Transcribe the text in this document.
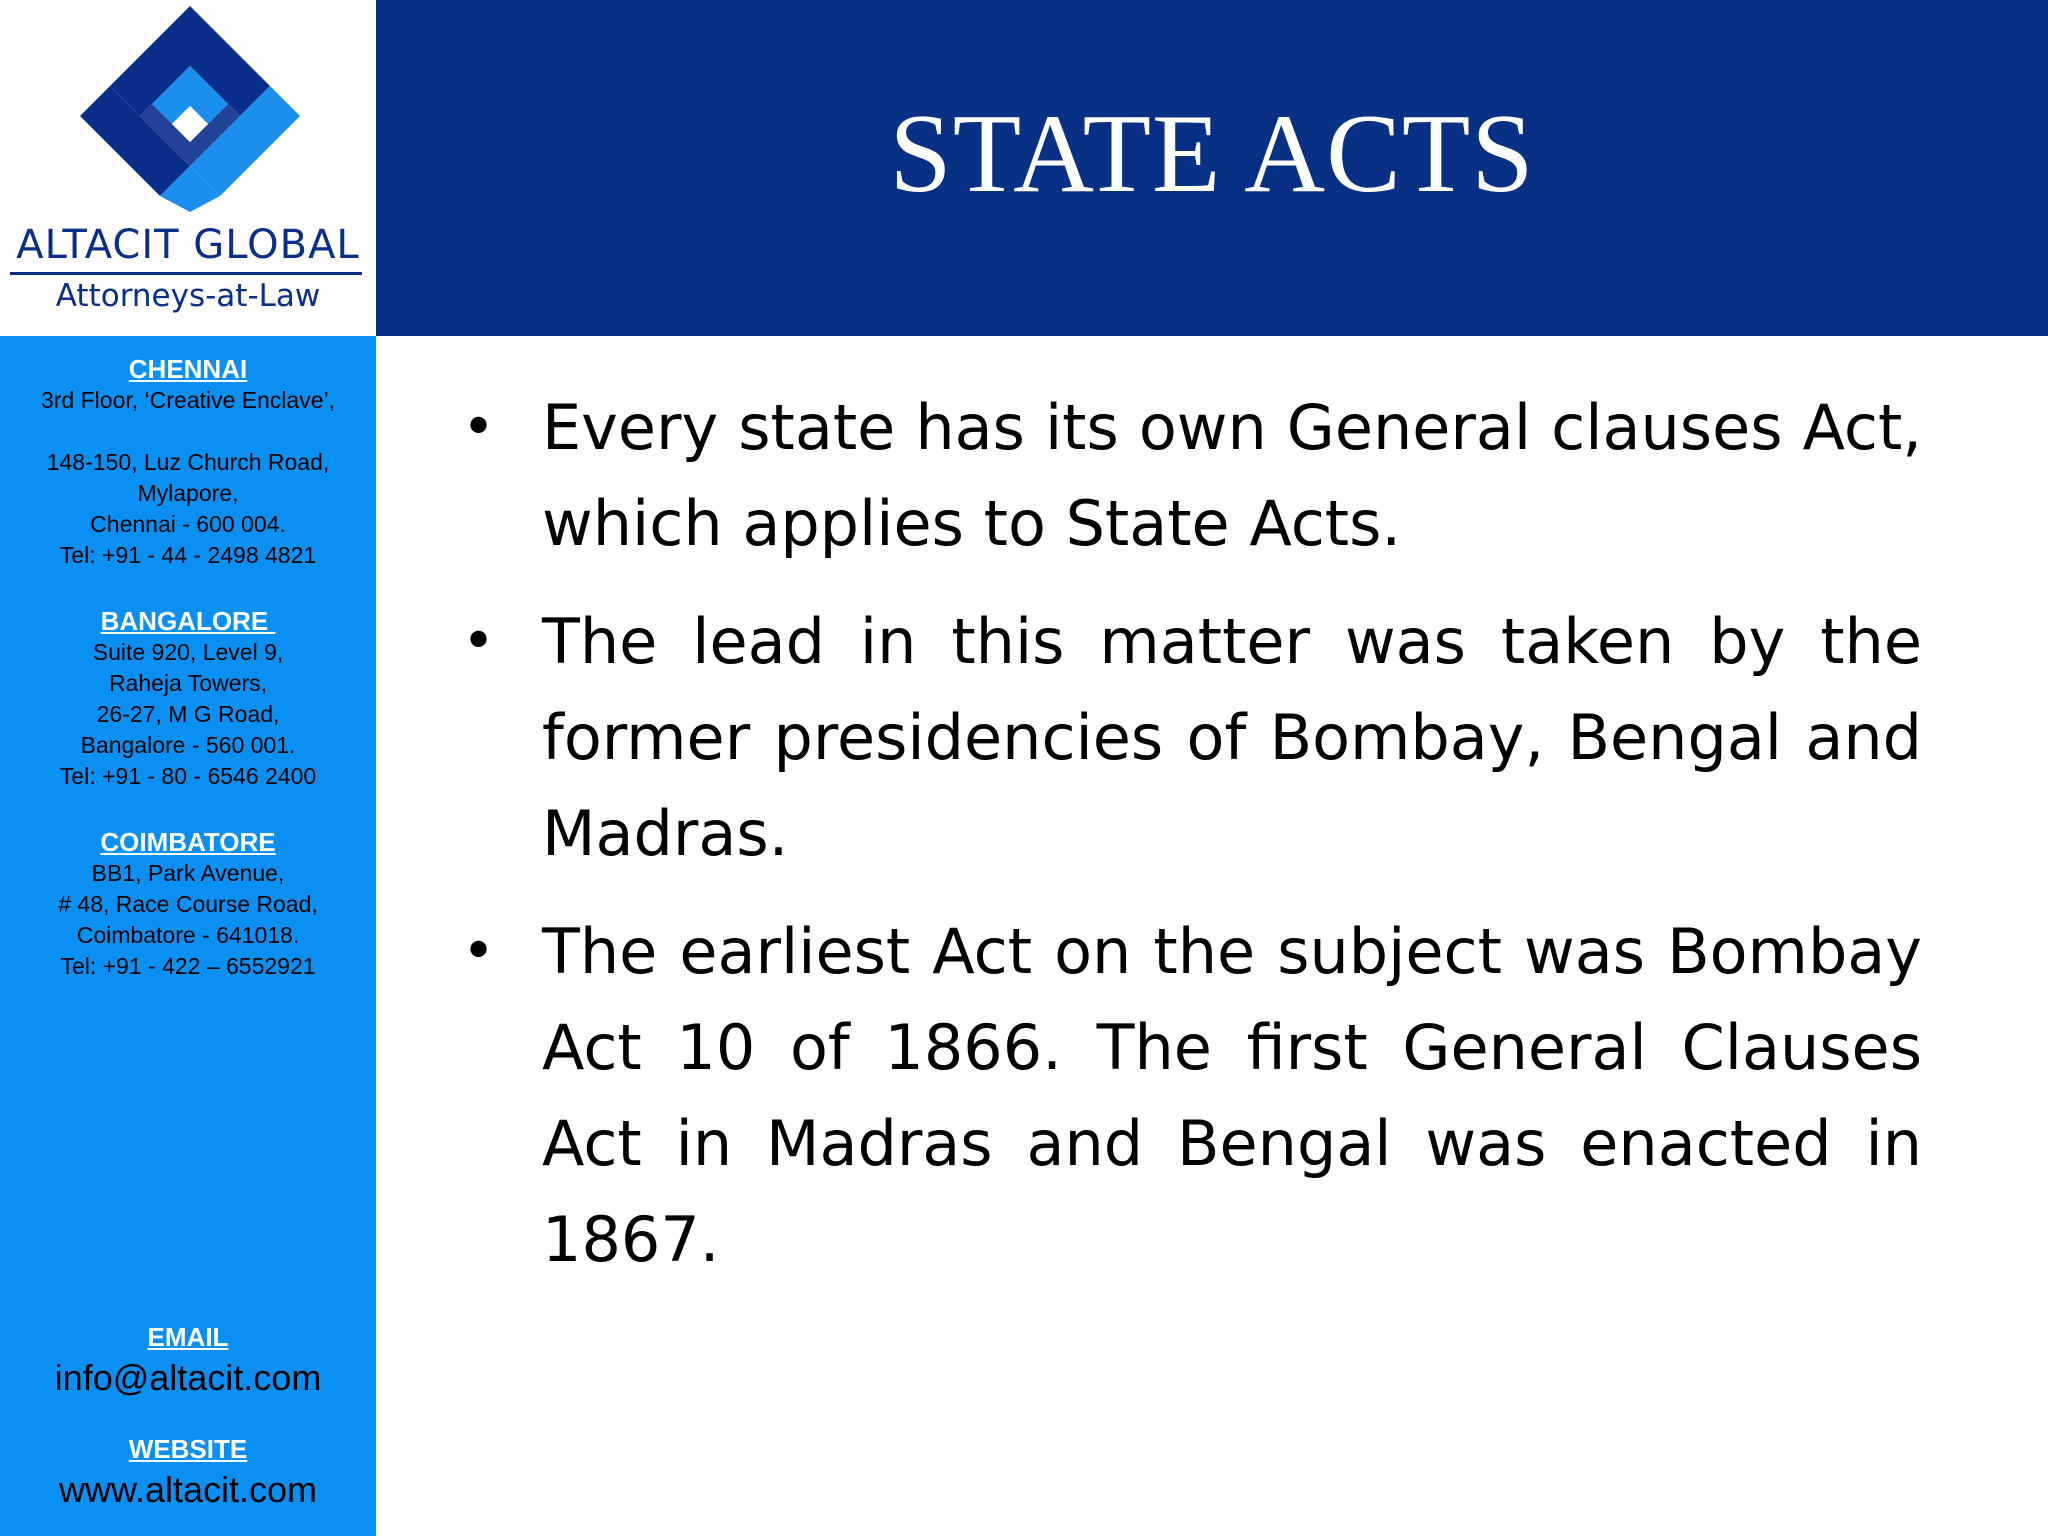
ALTACIT GLOBAL
Attorneys-at-Law
STATE ACTS
CHENNAI
3rd Floor, ‘Creative Enclave’,
148-150, Luz Church Road,
Mylapore,
Chennai - 600 004.
Tel: +91 - 44 - 2498 4821
BANGALORE
Suite 920, Level 9,
Raheja Towers,
26-27, M G Road,
Bangalore - 560 001.
Tel: +91 - 80 - 6546 2400
COIMBATORE
BB1, Park Avenue,
# 48, Race Course Road,
Coimbatore - 641018.
Tel: +91 - 422 – 6552921
EMAIL
info@altacit.com
WEBSITE
www.altacit.com
• Every state has its own General clauses Act, which applies to State Acts.
• The lead in this matter was taken by the former presidencies of Bombay, Bengal and Madras.
• The earliest Act on the subject was Bombay Act 10 of 1866. The first General Clauses Act in Madras and Bengal was enacted in 1867.
